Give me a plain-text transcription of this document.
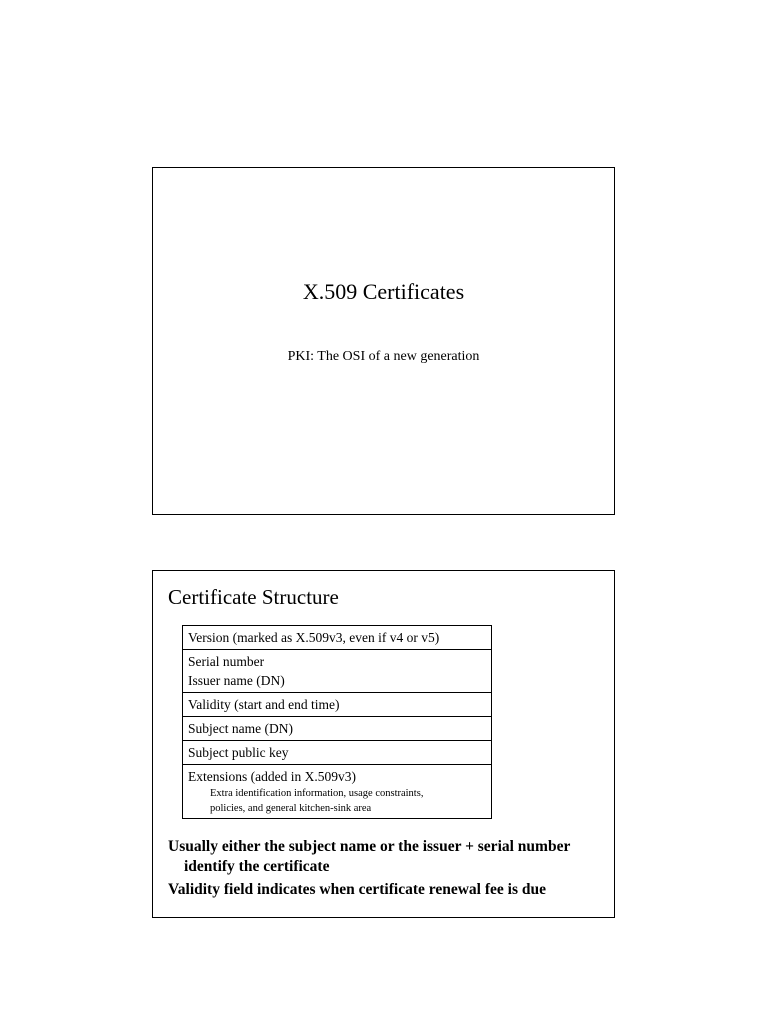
X.509 Certificates
PKI: The OSI of a new generation
Certificate Structure
Version (marked as X.509v3, even if v4 or v5)
Serial number
Issuer name (DN)
Validity (start and end time)
Subject name (DN)
Subject public key
Extensions (added in X.509v3)
Extra identification information, usage constraints,
policies, and general kitchen-sink area
Usually either the subject name or the issuer + serial number identify the certificate
Validity field indicates when certificate renewal fee is due
